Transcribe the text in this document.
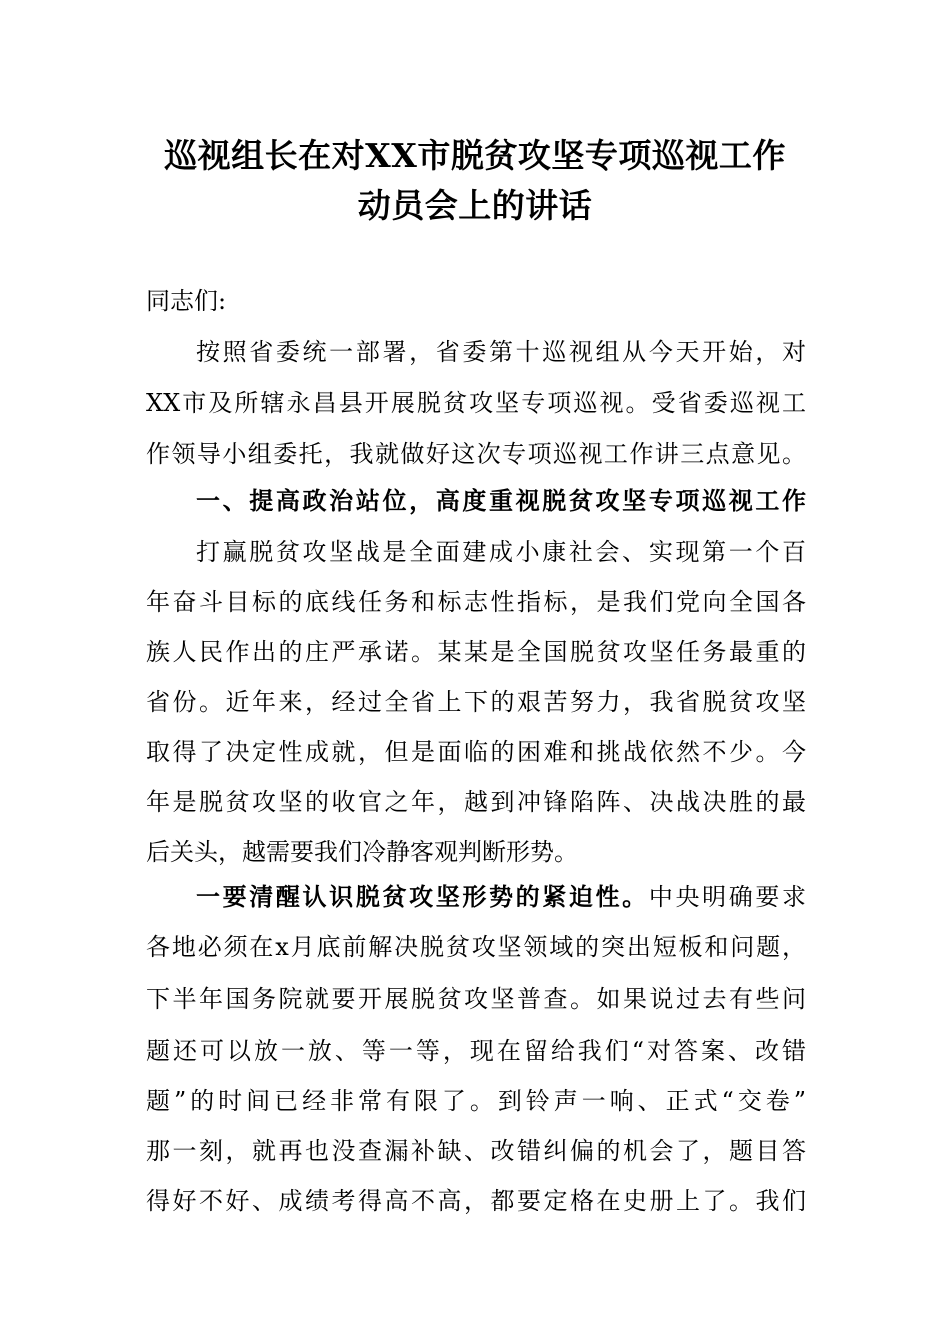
巡视组长在对XX市脱贫攻坚专项巡视工作
动员会上的讲话
同志们:
按照省委统一部署，省委第十巡视组从今天开始，对
XX市及所辖永昌县开展脱贫攻坚专项巡视。受省委巡视工
作领导小组委托，我就做好这次专项巡视工作讲三点意见。
一、提高政治站位，高度重视脱贫攻坚专项巡视工作
打赢脱贫攻坚战是全面建成小康社会、实现第一个百
年奋斗目标的底线任务和标志性指标，是我们党向全国各
族人民作出的庄严承诺。某某是全国脱贫攻坚任务最重的
省份。近年来，经过全省上下的艰苦努力，我省脱贫攻坚
取得了决定性成就，但是面临的困难和挑战依然不少。今
年是脱贫攻坚的收官之年，越到冲锋陷阵、决战决胜的最
后关头，越需要我们冷静客观判断形势。
一要清醒认识脱贫攻坚形势的紧迫性。中央明确要求
各地必须在x月底前解决脱贫攻坚领域的突出短板和问题，
下半年国务院就要开展脱贫攻坚普查。如果说过去有些问
题还可以放一放、等一等，现在留给我们“对答案、改错
题”的时间已经非常有限了。到铃声一响、正式“交卷”
那一刻，就再也没查漏补缺、改错纠偏的机会了，题目答
得好不好、成绩考得高不高，都要定格在史册上了。我们
